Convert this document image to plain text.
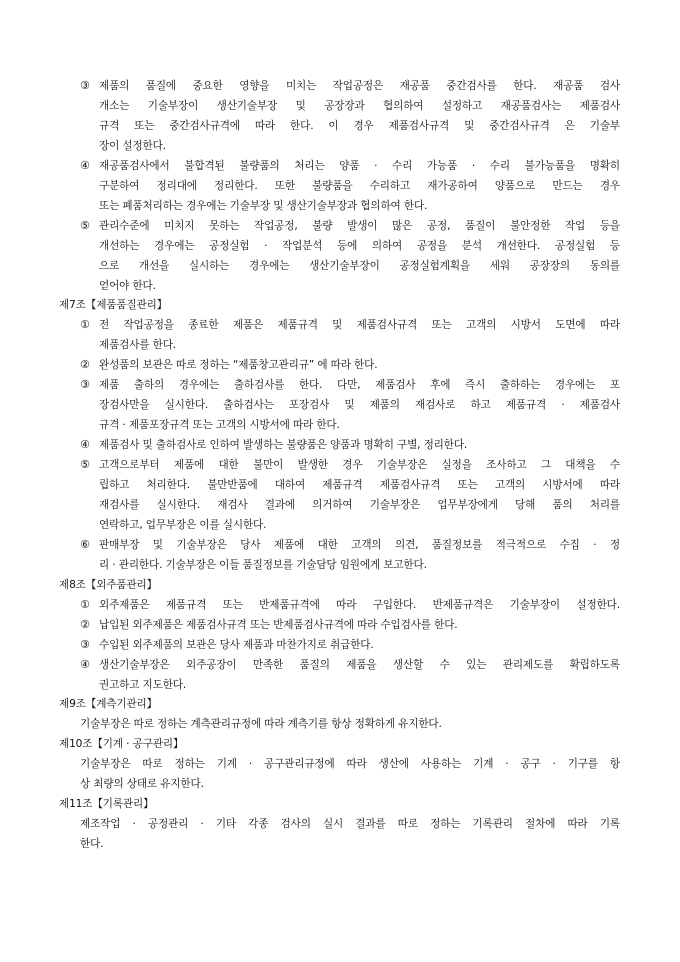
③ 제품의 품질에 중요한 영향을 미치는 작업공정은 재공품 중간검사를 한다. 재공품 검사
개소는 기술부장이 생산기술부장 및 공장장과 협의하여 설정하고 재공품검사는 제품검사
규격 또는 중간검사규격에 따라 한다. 이 경우 제품검사규격 및 중간검사규격 은 기술부
장이 설정한다.
④ 재공품검사에서 불합격된 불량품의 처리는 양품 · 수리 가능품 · 수리 불가능품을 명확히
구분하여 정리대에 정리한다. 또한 불량품을 수리하고 재가공하여 양품으로 만드는 경우
또는 폐품처리하는 경우에는 기술부장 및 생산기술부장과 협의하여 한다.
⑤ 관리수준에 미치지 못하는 작업공정, 불량 발생이 많은 공정, 품질이 불안정한 작업 등을
개선하는 경우에는 공정실험 · 작업분석 등에 의하여 공정을 분석 개선한다. 공정실험 등
으로 개선을 실시하는 경우에는 생산기술부장이 공정실험계획을 세워 공장장의 동의를
얻어야 한다.
제7조【제품품질관리】
① 전 작업공정을 종료한 제품은 제품규격 및 제품검사규격 또는 고객의 시방서 도면에 따라
제품검사를 한다.
② 완성품의 보관은 따로 정하는 “제품창고관리규” 에 따라 한다.
③ 제품 출하의 경우에는 출하검사를 한다. 다만, 제품검사 후에 즉시 출하하는 경우에는 포
장검사만을 실시한다. 출하검사는 포장검사 및 제품의 재검사로 하고 제품규격 · 제품검사
규격 · 제품포장규격 또는 고객의 시방서에 따라 한다.
④ 제품검사 및 출하검사로 인하여 발생하는 불량품은 양품과 명확히 구별, 정리한다.
⑤ 고객으로부터 제품에 대한 불만이 발생한 경우 기술부장은 실정을 조사하고 그 대책을 수
립하고 처리한다. 불만반품에 대하여 제품규격 제품검사규격 또는 고객의 시방서에 따라
재검사를 실시한다. 재검사 결과에 의거하여 기술부장은 업무부장에게 당해 품의 처리를
연락하고, 업무부장은 이를 실시한다.
⑥ 판매부장 및 기술부장은 당사 제품에 대한 고객의 의견, 품질정보를 적극적으로 수집 · 정
리 · 관리한다. 기술부장은 이들 품질정보를 기술담당 임원에게 보고한다.
제8조【외주품관리】
① 외주제품은 제품규격 또는 반제품규격에 따라 구입한다. 반제품규격은 기술부장이 설정한다.
② 납입된 외주제품은 제품검사규격 또는 반제품검사규격에 따라 수입검사를 한다.
③ 수입된 외주제품의 보관은 당사 제품과 마찬가지로 취급한다.
④ 생산기술부장은 외주공장이 만족한 품질의 제품을 생산할 수 있는 관리제도를 확립하도록
권고하고 지도한다.
제9조【계측기관리】
기술부장은 따로 정하는 계측관리규정에 따라 계측기를 항상 정확하게 유지한다.
제10조【기계 · 공구관리】
기술부장은 따로 정하는 기계 · 공구관리규정에 따라 생산에 사용하는 기계 · 공구 · 기구를 항
상 최량의 상태로 유지한다.
제11조【기록관리】
제조작업 · 공정관리 · 기타 각종 검사의 실시 결과를 따로 정하는 기록관리 절차에 따라 기록
한다.
